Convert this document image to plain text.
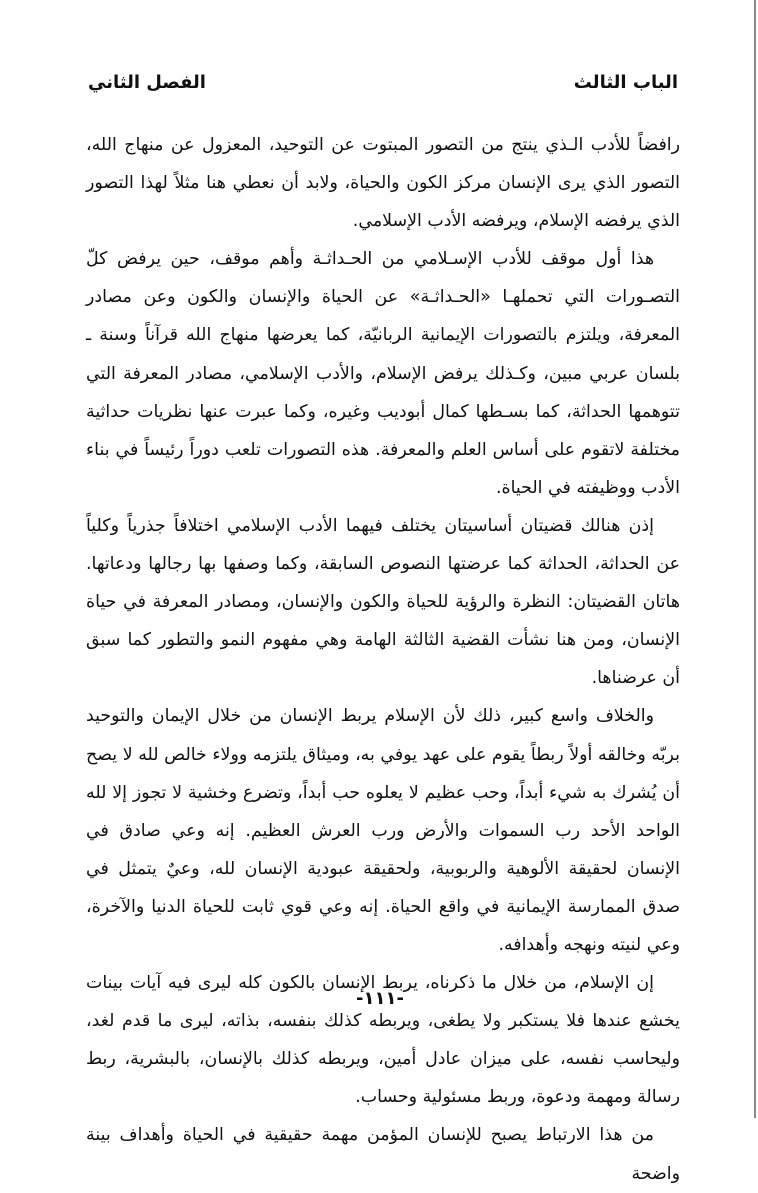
الباب الثالث
الفصل الثاني

رافضاً للأدب الـذي ينتج من التصور المبتوت عن التوحيد، المعزول عن منهاج الله، التصور الذي يرى الإنسان مركز الكون والحياة، ولابد أن نعطي هنا مثلاً لهذا التصور الذي يرفضه الإسلام، ويرفضه الأدب الإسلامي.

هذا أول موقف للأدب الإسـلامي من الحـداثـة وأهم موقف، حين يرفض كلّ التصـورات التي تحملهـا «الحـداثـة» عن الحياة والإنسان والكون وعن مصادر المعرفة، ويلتزم بالتصورات الإيمانية الربانيّة، كما يعرضها منهاج الله قرآناً وسنة ـ بلسان عربي مبين، وكـذلك يرفض الإسلام، والأدب الإسلامي، مصادر المعرفة التي تتوهمها الحداثة، كما بسـطها كمال أبوديب وغيره، وكما عبرت عنها نظريات حداثية مختلفة لاتقوم على أساس العلم والمعرفة. هذه التصورات تلعب دوراً رئيساً في بناء الأدب ووظيفته في الحياة.

إذن هنالك قضيتان أساسيتان يختلف فيهما الأدب الإسلامي اختلافاً جذرياً وكلياً عن الحداثة، الحداثة كما عرضتها النصوص السابقة، وكما وصفها بها رجالها ودعاتها. هاتان القضيتان: النظرة والرؤية للحياة والكون والإنسان، ومصادر المعرفة في حياة الإنسان، ومن هنا نشأت القضية الثالثة الهامة وهي مفهوم النمو والتطور كما سبق أن عرضناها.

والخلاف واسع كبير، ذلك لأن الإسلام يربط الإنسان من خلال الإيمان والتوحيد بربّه وخالقه أولاً ربطاً يقوم على عهد يوفي به، وميثاق يلتزمه وولاء خالص لله لا يصح أن يُشرك به شيء أبداً، وحب عظيم لا يعلوه حب أبداً، وتضرع وخشية لا تجوز إلا لله الواحد الأحد رب السموات والأرض ورب العرش العظيم. إنه وعي صادق في الإنسان لحقيقة الألوهية والربوبية، ولحقيقة عبودية الإنسان لله، وعيٌ يتمثل في صدق الممارسة الإيمانية في واقع الحياة. إنه وعي قوي ثابت للحياة الدنيا والآخرة، وعي لنيته ونهجه وأهدافه.

إن الإسلام، من خلال ما ذكرناه، يربط الإنسان بالكون كله ليرى فيه آيات بينات يخشع عندها فلا يستكبر ولا يطغى، ويربطه كذلك بنفسه، بذاته، ليرى ما قدم لغد، وليحاسب نفسه، على ميزان عادل أمين، ويربطه كذلك بالإنسان، بالبشرية، ربط رسالة ومهمة ودعوة، وربط مسئولية وحساب.

من هذا الارتباط يصبح للإنسان المؤمن مهمة حقيقية في الحياة وأهداف بينة واضحة

-١١١-
